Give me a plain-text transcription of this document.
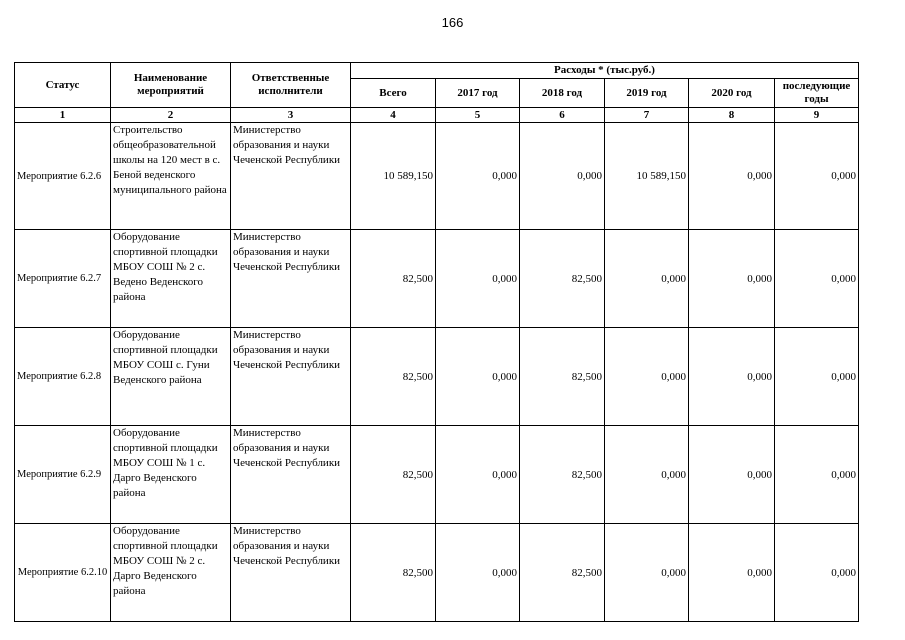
166
Статус	Наименование мероприятий	Ответственные исполнители	Расходы * (тыс.руб.)					
			Всего	2017 год	2018 год	2019 год	2020 год	последующие годы
1	2	3	4	5	6	7	8	9
Мероприятие 6.2.6	Строительство общеобразовательной школы на 120 мест в с. Беной веденского муниципального района	Министерство образования и науки Чеченской Республики	10 589,150	0,000	0,000	10 589,150	0,000	0,000
Мероприятие 6.2.7	Оборудование спортивной площадки МБОУ СОШ № 2 с. Ведено Веденского района	Министерство образования и науки Чеченской Республики	82,500	0,000	82,500	0,000	0,000	0,000
Мероприятие 6.2.8	Оборудование спортивной площадки МБОУ СОШ с. Гуни Веденского района	Министерство образования и науки Чеченской Республики	82,500	0,000	82,500	0,000	0,000	0,000
Мероприятие 6.2.9	Оборудование спортивной площадки МБОУ СОШ № 1 с. Дарго Веденского района	Министерство образования и науки Чеченской Республики	82,500	0,000	82,500	0,000	0,000	0,000
Мероприятие 6.2.10	Оборудование спортивной площадки МБОУ СОШ № 2 с. Дарго Веденского района	Министерство образования и науки Чеченской Республики	82,500	0,000	82,500	0,000	0,000	0,000
